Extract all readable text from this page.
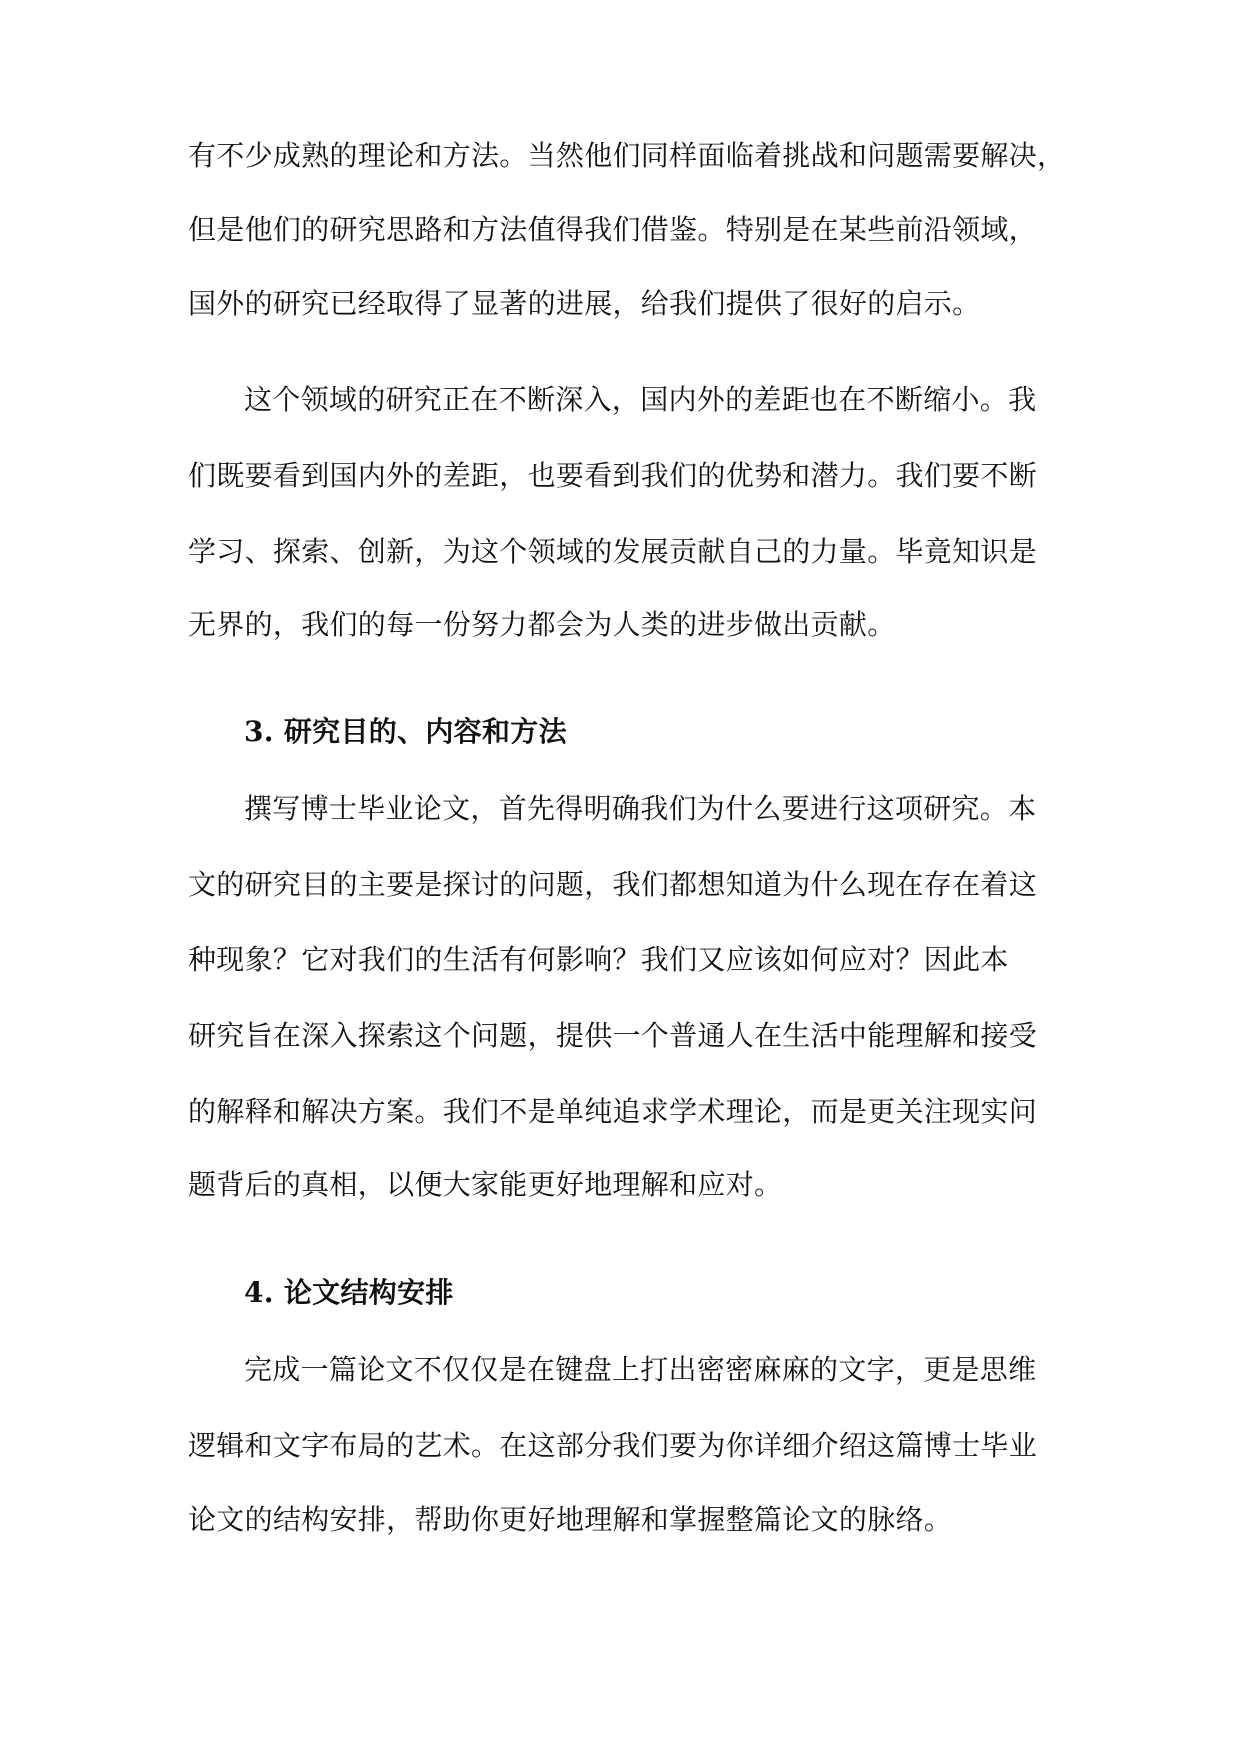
有不少成熟的理论和方法。当然他们同样面临着挑战和问题需要解决，
但是他们的研究思路和方法值得我们借鉴。特别是在某些前沿领域，
国外的研究已经取得了显著的进展，给我们提供了很好的启示。
这个领域的研究正在不断深入，国内外的差距也在不断缩小。我
们既要看到国内外的差距，也要看到我们的优势和潜力。我们要不断
学习、探索、创新，为这个领域的发展贡献自己的力量。毕竟知识是
无界的，我们的每一份努力都会为人类的进步做出贡献。
3. 研究目的、内容和方法
撰写博士毕业论文，首先得明确我们为什么要进行这项研究。本
文的研究目的主要是探讨的问题，我们都想知道为什么现在存在着这
种现象？它对我们的生活有何影响？我们又应该如何应对？因此本
研究旨在深入探索这个问题，提供一个普通人在生活中能理解和接受
的解释和解决方案。我们不是单纯追求学术理论，而是更关注现实问
题背后的真相，以便大家能更好地理解和应对。
4. 论文结构安排
完成一篇论文不仅仅是在键盘上打出密密麻麻的文字，更是思维
逻辑和文字布局的艺术。在这部分我们要为你详细介绍这篇博士毕业
论文的结构安排，帮助你更好地理解和掌握整篇论文的脉络。
